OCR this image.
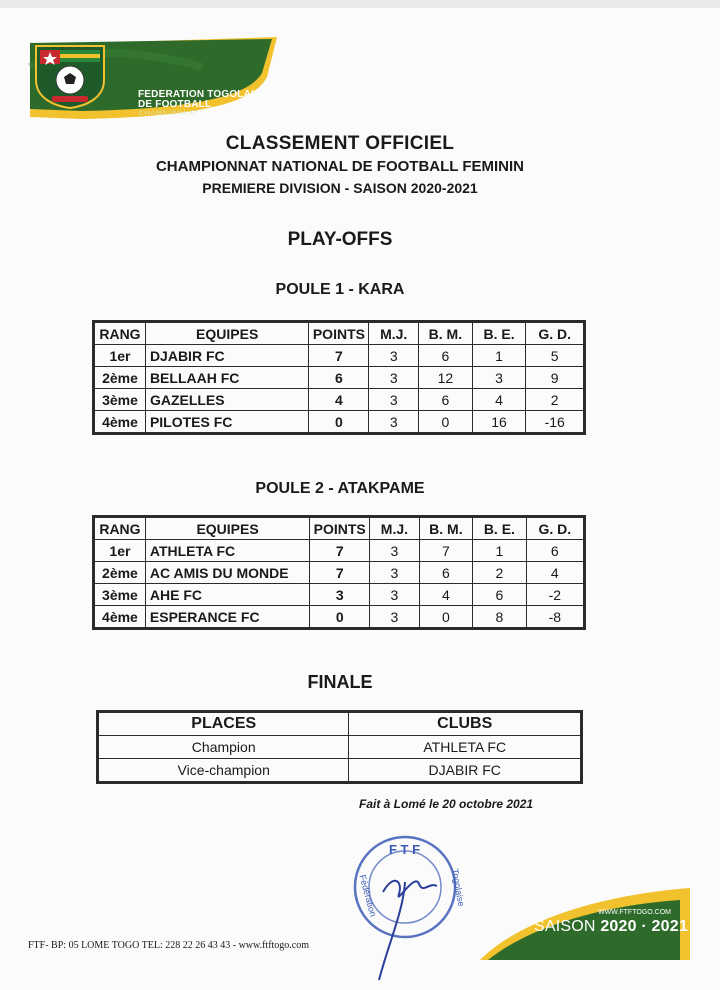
FEDERATION TOGOLAISE
DE FOOTBALL
CHAMPIONNAT
CLASSEMENT OFFICIEL
CHAMPIONNAT NATIONAL DE FOOTBALL FEMININ
PREMIERE DIVISION - SAISON 2020-2021
PLAY-OFFS
POULE 1 - KARA
RANG	EQUIPES	POINTS	M.J.	B. M.	B. E.	G. D.
1er	DJABIR FC	7	3	6	1	5
2ème	BELLAAH FC	6	3	12	3	9
3ème	GAZELLES	4	3	6	4	2
4ème	PILOTES FC	0	3	0	16	-16
POULE 2 - ATAKPAME
RANG	EQUIPES	POINTS	M.J.	B. M.	B. E.	G. D.
1er	ATHLETA FC	7	3	7	1	6
2ème	AC AMIS DU MONDE	7	3	6	2	4
3ème	AHE FC	3	3	4	6	-2
4ème	ESPERANCE FC	0	3	0	8	-8
FINALE
PLACES	CLUBS
Champion	ATHLETA FC
Vice-champion	DJABIR FC
Fait à Lomé le 20 octobre 2021
F T F
Fédération	Togolaise
WWW.FTFTOGO.COM
SAISON 2020 · 2021
FTF- BP: 05 LOME TOGO TEL: 228 22 26 43 43 - www.ftftogo.com
